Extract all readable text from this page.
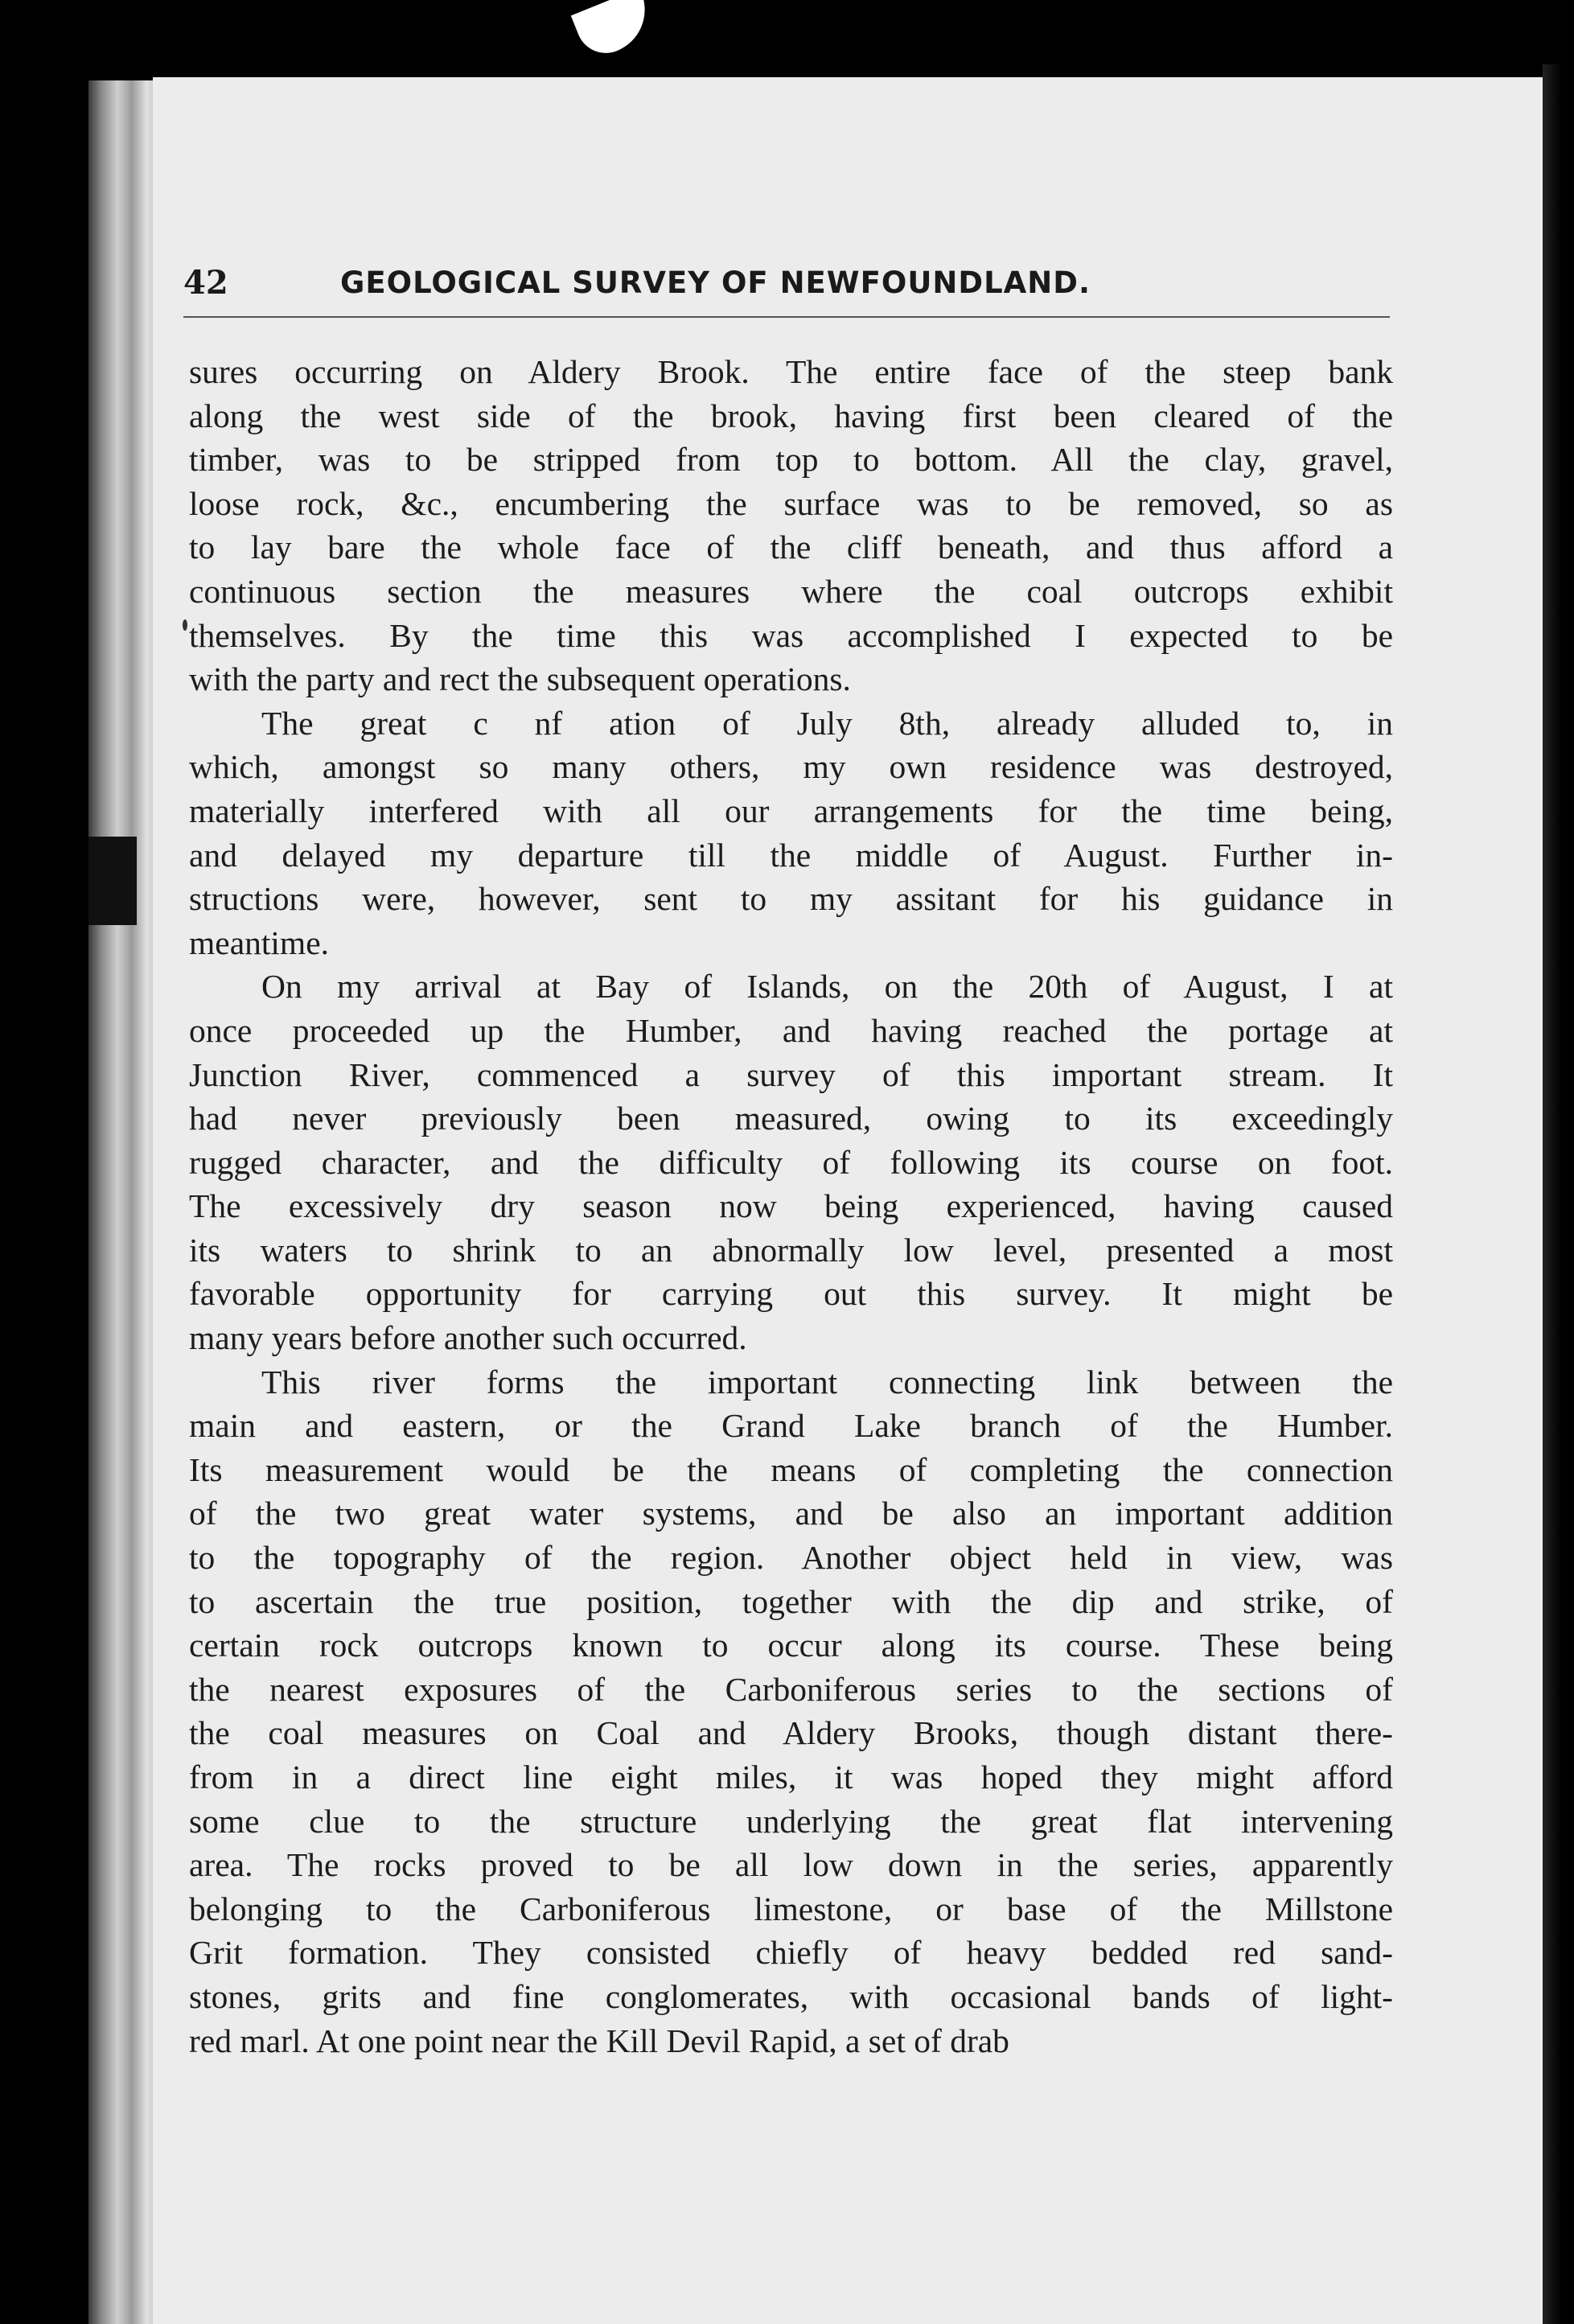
42	GEOLOGICAL SURVEY OF NEWFOUNDLAND.

sures occurring on Aldery Brook. The entire face of the steep bank

along the west side of the brook, having first been cleared of the

timber, was to be stripped from top to bottom. All the clay, gravel,

loose rock, &c., encumbering the surface was to be removed, so as

to lay bare the whole face of the cliff beneath, and thus afford a

continuous section the measures where the coal outcrops exhibit

themselves. By the time this was accomplished I expected to be

with the party and rect the subsequent operations.

The great c nf ation of July 8th, already alluded to, in

which, amongst so many others, my own residence was destroyed,

materially interfered with all our arrangements for the time being,

and delayed my departure till the middle of August. Further in-

structions were, however, sent to my assitant for his guidance in

meantime.

On my arrival at Bay of Islands, on the 20th of August, I at

once proceeded up the Humber, and having reached the portage at

Junction River, commenced a survey of this important stream. It

had never previously been measured, owing to its exceedingly

rugged character, and the difficulty of following its course on foot.

The excessively dry season now being experienced, having caused

its waters to shrink to an abnormally low level, presented a most

favorable opportunity for carrying out this survey. It might be

many years before another such occurred.

This river forms the important connecting link between the

main and eastern, or the Grand Lake branch of the Humber.

Its measurement would be the means of completing the connection

of the two great water systems, and be also an important addition

to the topography of the region. Another object held in view, was

to ascertain the true position, together with the dip and strike, of

certain rock outcrops known to occur along its course. These being

the nearest exposures of the Carboniferous series to the sections of

the coal measures on Coal and Aldery Brooks, though distant there-

from in a direct line eight miles, it was hoped they might afford

some clue to the structure underlying the great flat intervening

area. The rocks proved to be all low down in the series, apparently

belonging to the Carboniferous limestone, or base of the Millstone

Grit formation. They consisted chiefly of heavy bedded red sand-

stones, grits and fine conglomerates, with occasional bands of light-

red marl. At one point near the Kill Devil Rapid, a set of drab
